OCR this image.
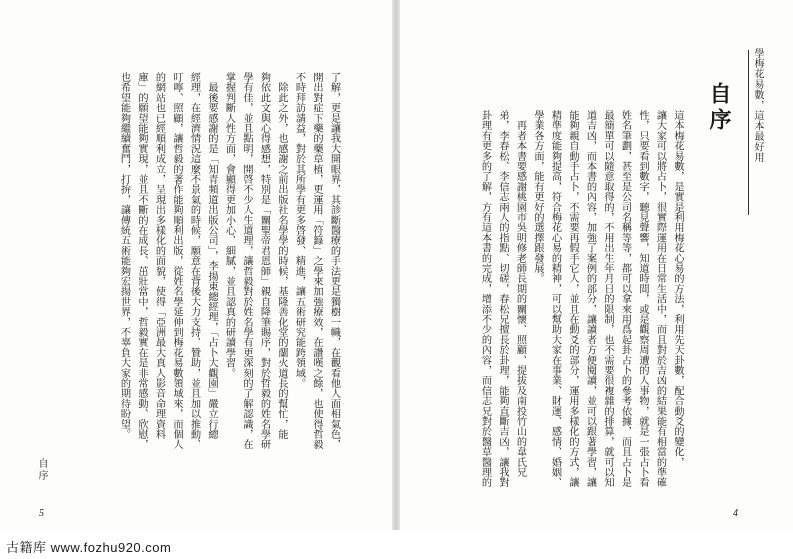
學梅花易數，這本最好用
自序
這本梅花易數，是實是利用梅花心易的方法，利用先天卦數，配合動爻的變化，
讓大家可以將占卜，很實際運用在日常生活中，而且對於吉凶的結果能有相當的準確
性，只要看到數字，聽見聲響，知道時間，或是觀察周遭的人事物，就是一張占卜看
姓名筆劃，甚至是公司名稱等等，都可以拿來用爲起卦占卜的參考依據，而且占卜是
最簡單可以隨意取得的，不用出生年月日的限制，也不需要很複雜的排算，就可以知
道吉凶，而本書的內容，加強了案例的部分，讓讀者方便閱讀，並可以跟著學習，讓
能夠親自動手占卜，不需要再假手它人，並且在動爻的部分，運用多樣化的方式，讓
精準度能夠提高，符合梅花心易的精神，可以幫助大家在事業、財運、感情、婚姻、
學業各方面，能有更好的選擇跟發展。
　再者本書要感謝桃園市吳明修老師長期的關懷、照顧、提拔及南投竹山的韋氏兄
弟，李春松、李信志兩人的指點、切磋，春松兄擅長於卦理，能夠直斷吉凶，讓我對
卦理有更多的了解，方有這本書的完成，增添不少的內容，而信志兄對於醫草醫理的
了解，更是讓我大開眼界，其診斷醫療的手法更是獨樹一幟，在觀看他人面相氣色，
開出對症下藥的藥草植，更運用「符籙」之學來加強療效，在讚嘆之餘，也使得哲毅
不時拜訪請益，對於其所學有更多啓發、精進，讓五術研究能跨領域。
　除此之外，也感謝之前出版社名學學的時候，基隆善化堂的蘭火道長的幫忙，能
夠依此文與心得感想，特別是「關聖帝君恩師」親自降筆賜序，對於哲毅的姓名學研
學有佳，並且點明，開啓不少人生道理，讓哲毅對於姓名學有更深刻的了解認識，在
掌握判斷人性方面，會顯得更加小心、細膩，並且認真的研讀學習。
　最後要感謝的是「知青頻道出版公司」，李揚東總經理，「占卜大觀園」嚴立行總
經理，在經濟情況這麼不景氣的時候，願意在背後大力支持、贊助，並且加以推動、
叮嚀、照顧，讓哲毅的著作能夠順利出版，從姓名學延伸到梅花易數領域來，而個人
的網站也已經順利成立，呈現出多樣化的面貌，使得「亞洲最大真人影音命理資料
庫」的願望能夠實現，並且不斷的在成長、茁壯當中，哲毅實在是非常感動、欣慰，
也希望能夠繼續奮鬥，打拚，讓傳統五術能夠宏揚世界，不辜負大家的期待盼望。
自序
5	4
古籍库 www.fozhu920.com
